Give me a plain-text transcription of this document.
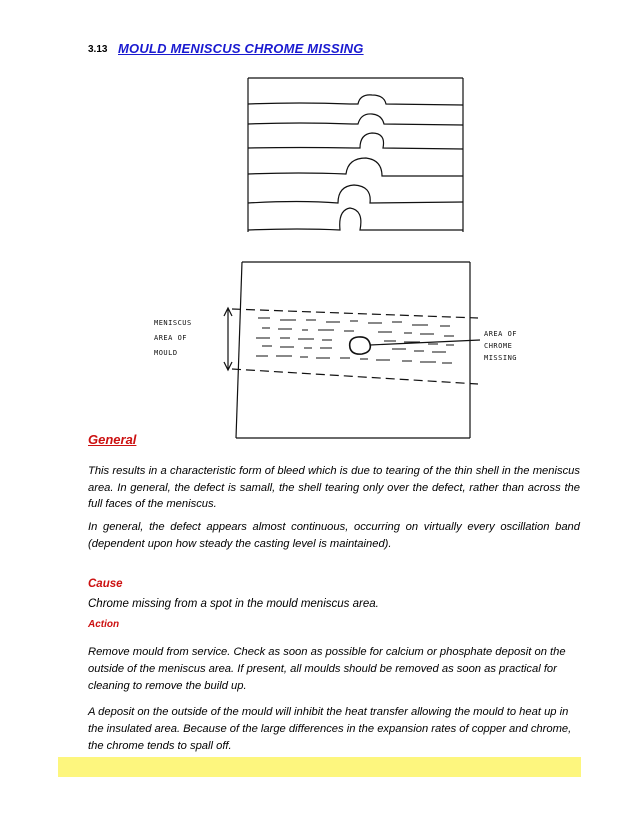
3.13 MOULD MENISCUS CHROME MISSING
MENISCUS
AREA OF
MOULD
AREA OF
CHROME
MISSING
General
This results in a characteristic form of bleed which is due to tearing of the thin shell in the meniscus area. In general, the defect is samall, the shell tearing only over the defect, rather than across the full faces of the meniscus.
In general, the defect appears almost continuous, occurring on virtually every oscillation band (dependent upon how steady the casting level is maintained).
Cause
Chrome missing from a spot in the mould meniscus area.
Action
Remove mould from service. Check as soon as possible for calcium or phosphate deposit on the outside of the meniscus area. If present, all moulds should be removed as soon as practical for cleaning to remove the build up.
A deposit on the outside of the mould will inhibit the heat transfer allowing the mould to heat up in the insulated area. Because of the large differences in the expansion rates of copper and chrome, the chrome tends to spall off.
